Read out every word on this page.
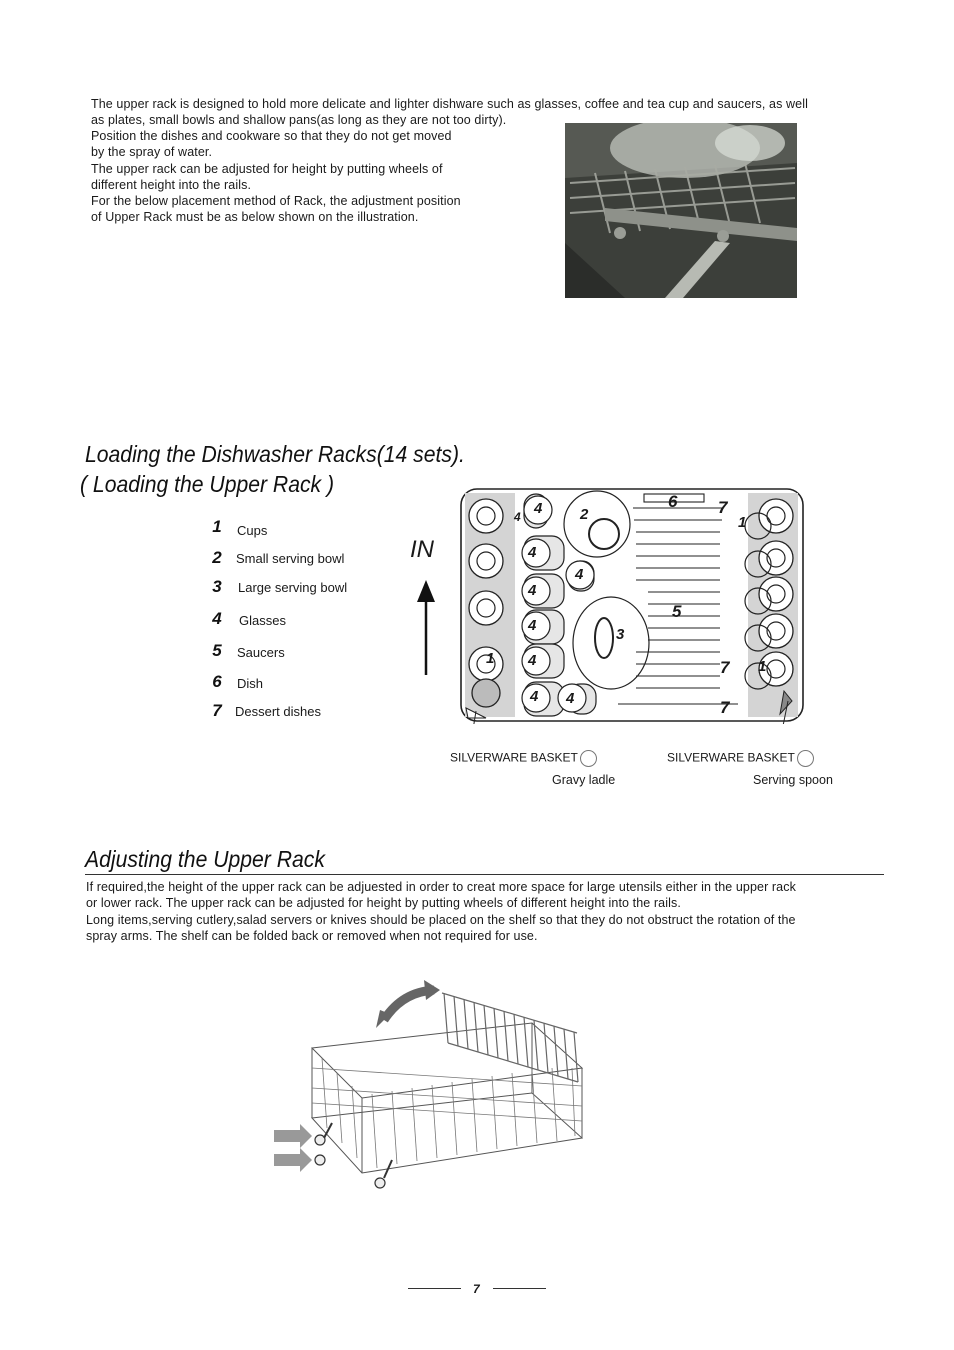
The upper rack is designed to hold more delicate and lighter dishware such as glasses, coffee and tea cup and saucers, as well
as plates, small bowls and shallow pans(as long as they are not too dirty).
Position the dishes and cookware so that they do not get moved
by the spray of water.
The upper rack can be adjusted for height by putting wheels of
different height into the rails.
For the below placement method of Rack, the adjustment position
of Upper Rack must be as below shown on the illustration.
Loading the Dishwasher Racks(14 sets).
( Loading the Upper Rack )
1	Cups
2	Small serving bowl
3	Large serving bowl
4	Glasses
5	Saucers
6	Dish
7	Dessert dishes
IN
4 4	2
6 7
4
1
4
4
4
4
3
5
1	1
7
4 4	7
SILVERWARE BASKET	SILVERWARE BASKET
Gravy ladle	Serving spoon
Adjusting the Upper Rack
If required,the height of the upper rack can be adjuested in order to creat more space for large utensils either in the upper rack
or lower rack. The upper rack can be adjusted for height by putting wheels of different height into the rails.
Long items,serving cutlery,salad servers or knives should be placed on the shelf so that they do not obstruct the rotation of the
spray arms. The shelf can be folded back or removed when not required for use.
7
